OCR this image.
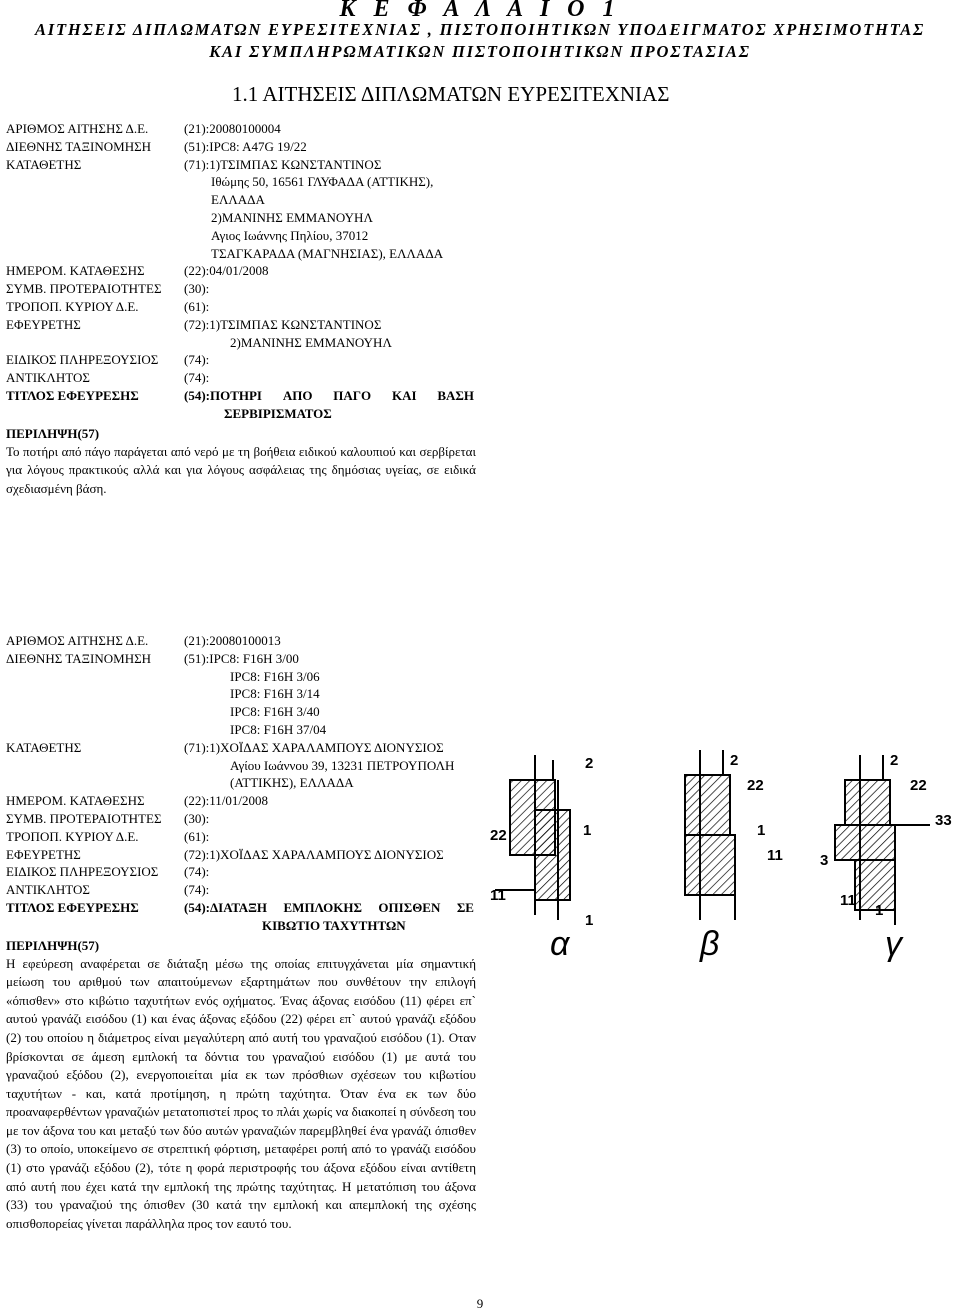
Κ Ε Φ Α Λ Α Ι Ο 1
ΑΙΤΗΣΕΙΣ ΔΙΠΛΩΜΑΤΩΝ ΕΥΡΕΣΙΤΕΧΝΙΑΣ , ΠΙΣΤΟΠΟΙΗΤΙΚΩΝ ΥΠΟΔΕΙΓΜΑΤΟΣ ΧΡΗΣΙΜΟΤΗΤΑΣ
ΚΑΙ ΣΥΜΠΛΗΡΩΜΑΤΙΚΩΝ ΠΙΣΤΟΠΟΙΗΤΙΚΩΝ ΠΡΟΣΤΑΣΙΑΣ
1.1 ΑΙΤΗΣΕΙΣ ΔΙΠΛΩΜΑΤΩΝ ΕΥΡΕΣΙΤΕΧΝΙΑΣ
ΑΡΙΘΜΟΣ ΑΙΤΗΣΗΣ Δ.Ε.	(21):20080100004
ΔΙΕΘΝΗΣ ΤΑΞΙΝΟΜΗΣΗ	(51):IPC8: A47G 19/22
ΚΑΤΑΘΕΤΗΣ	(71):1)ΤΣΙΜΠΑΣ ΚΩΝΣΤΑΝΤΙΝΟΣ
Ιθώμης 50, 16561 ΓΛΥΦΑΔΑ (ΑΤΤΙΚΗΣ),
ΕΛΛΑΔΑ
2)ΜΑΝΙΝΗΣ ΕΜΜΑΝΟΥΗΛ
Αγιος Ιωάννης Πηλίου, 37012
ΤΣΑΓΚΑΡΑΔΑ (ΜΑΓΝΗΣΙΑΣ), ΕΛΛΑΔΑ
ΗΜΕΡΟΜ. ΚΑΤΑΘΕΣΗΣ	(22):04/01/2008
ΣΥΜΒ. ΠΡΟΤΕΡΑΙΟΤΗΤΕΣ	(30):
ΤΡΟΠΟΠ. ΚΥΡΙΟΥ Δ.Ε.	(61):
ΕΦΕΥΡΕΤΗΣ	(72):1)ΤΣΙΜΠΑΣ ΚΩΝΣΤΑΝΤΙΝΟΣ
2)ΜΑΝΙΝΗΣ ΕΜΜΑΝΟΥΗΛ
ΕΙΔΙΚΟΣ ΠΛΗΡΕΞΟΥΣΙΟΣ	(74):
ΑΝΤΙΚΛΗΤΟΣ	(74):
ΤΙΤΛΟΣ ΕΦΕΥΡΕΣΗΣ	(54):ΠΟΤΗΡΙ ΑΠΟ ΠΑΓΟ ΚΑΙ ΒΑΣΗ
ΣΕΡΒΙΡΙΣΜΑΤΟΣ
ΠΕΡΙΛΗΨΗ(57)
Το ποτήρι από πάγο παράγεται από νερό με τη βοήθεια ειδικού καλουπιού και σερβίρεται για λόγους πρακτικούς αλλά και για λόγους ασφάλειας της δημόσιας υγείας, σε ειδικά σχεδιασμένη βάση.
ΑΡΙΘΜΟΣ ΑΙΤΗΣΗΣ Δ.Ε.	(21):20080100013
ΔΙΕΘΝΗΣ ΤΑΞΙΝΟΜΗΣΗ	(51):IPC8: F16H 3/00
IPC8: F16H 3/06
IPC8: F16H 3/14
IPC8: F16H 3/40
IPC8: F16H 37/04
ΚΑΤΑΘΕΤΗΣ	(71):1)ΧΟΪΔΑΣ ΧΑΡΑΛΑΜΠΟΥΣ ΔΙΟΝΥΣΙΟΣ
Αγίου Ιωάννου 39, 13231 ΠΕΤΡΟΥΠΟΛΗ
(ΑΤΤΙΚΗΣ), ΕΛΛΑΔΑ
ΗΜΕΡΟΜ. ΚΑΤΑΘΕΣΗΣ	(22):11/01/2008
ΣΥΜΒ. ΠΡΟΤΕΡΑΙΟΤΗΤΕΣ	(30):
ΤΡΟΠΟΠ. ΚΥΡΙΟΥ Δ.Ε.	(61):
ΕΦΕΥΡΕΤΗΣ	(72):1)ΧΟΪΔΑΣ ΧΑΡΑΛΑΜΠΟΥΣ ΔΙΟΝΥΣΙΟΣ
ΕΙΔΙΚΟΣ ΠΛΗΡΕΞΟΥΣΙΟΣ	(74):
ΑΝΤΙΚΛΗΤΟΣ	(74):
ΤΙΤΛΟΣ ΕΦΕΥΡΕΣΗΣ	(54):ΔΙΑΤΑΞΗ ΕΜΠΛΟΚΗΣ ΟΠΙΣΘΕΝ ΣΕ
ΚΙΒΩΤΙΟ ΤΑΧΥΤΗΤΩΝ
ΠΕΡΙΛΗΨΗ(57)
Η εφεύρεση αναφέρεται σε διάταξη μέσω της οποίας επιτυγχάνεται μία σημαντική μείωση του αριθμού των απαιτούμενων εξαρτημάτων που συνθέτουν την επιλογή «όπισθεν» στο κιβώτιο ταχυτήτων ενός οχήματος. Ένας άξονας εισόδου (11) φέρει επ` αυτού γρανάζι εισόδου (1) και ένας άξονας εξόδου (22) φέρει επ` αυτού γρανάζι εξόδου (2) του οποίου η διάμετρος είναι μεγαλύτερη από αυτή του γραναζιού εισόδου (1). Οταν βρίσκονται σε άμεση εμπλοκή τα δόντια του γραναζιού εισόδου (1) με αυτά του γραναζιού εξόδου (2), ενεργοποιείται μία εκ των πρόσθιων σχέσεων του κιβωτίου ταχυτήτων - και, κατά προτίμηση, η πρώτη ταχύτητα. Όταν ένα εκ των δύο προαναφερθέντων γραναζιών μετατοπιστεί προς το πλάι χωρίς να διακοπεί η σύνδεση του με τον άξονα του και μεταξύ των δύο αυτών γραναζιών παρεμβληθεί ένα γρανάζι όπισθεν (3) το οποίο, υποκείμενο σε στρεπτική φόρτιση, μεταφέρει ροπή από το γρανάζι εισόδου (1) στο γρανάζι εξόδου (2), τότε η φορά περιστροφής του άξονα εξόδου είναι αντίθετη από αυτή που έχει κατά την εμπλοκή της πρώτης ταχύτητας. Η μετατόπιση του άξονα (33) του γραναζιού της όπισθεν (30 κατά την εμπλοκή και απεμπλοκή της σχέσης οπισθοπορείας γίνεται παράλληλα προς τον εαυτό του.
2
22	1
11
1
α
2
22
1
11
β
2
22
33
3
11
1
γ
9
